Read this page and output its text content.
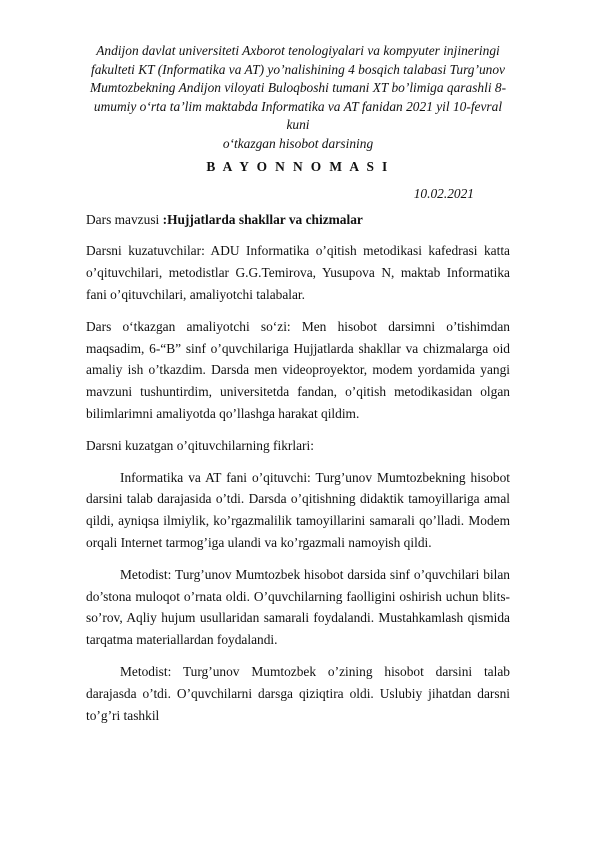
Andijon davlat universiteti Axborot tenologiyalari va kompyuter injineringi
fakulteti KT (Informatika va AT) yo’nalishining 4 bosqich talabasi Turg’unov
Mumtozbekning Andijon viloyati Buloqboshi tumani XT bo’limiga qarashli 8-
umumiy o‘rta ta’lim maktabda Informatika va AT fanidan 2021 yil 10-fevral kuni
o‘tkazgan hisobot darsining
B A Y O N N O M A S I
10.02.2021

Dars mavzusi :Hujjatlarda shakllar va chizmalar

Darsni kuzatuvchilar: ADU Informatika o’qitish metodikasi kafedrasi katta o’qituvchilari, metodistlar G.G.Temirova, Yusupova N, maktab Informatika fani o’qituvchilari, amaliyotchi talabalar.

Dars o‘tkazgan amaliyotchi so‘zi: Men hisobot darsimni o’tishimdan maqsadim, 6-“B” sinf o’quvchilariga Hujjatlarda shakllar va chizmalarga oid amaliy ish o’tkazdim. Darsda men videoproyektor, modem yordamida yangi mavzuni tushuntirdim, universitetda fandan, o’qitish metodikasidan olgan bilimlarimni amaliyotda qo’llashga harakat qildim.

Darsni kuzatgan o’qituvchilarning fikrlari:

Informatika va AT fani o’qituvchi: Turg’unov Mumtozbekning hisobot darsini talab darajasida o’tdi. Darsda o’qitishning didaktik tamoyillariga amal qildi, ayniqsa ilmiylik, ko’rgazmalilik tamoyillarini samarali qo’lladi. Modem orqali Internet tarmog’iga ulandi va ko’rgazmali namoyish qildi.

Metodist: Turg’unov Mumtozbek hisobot darsida sinf o’quvchilari bilan do’stona muloqot o’rnata oldi. O’quvchilarning faolligini oshirish uchun blits-so’rov, Aqliy hujum usullaridan samarali foydalandi. Mustahkamlash qismida tarqatma materiallardan foydalandi.

Metodist: Turg’unov Mumtozbek o’zining hisobot darsini talab darajasda o’tdi. O’quvchilarni darsga qiziqtira oldi. Uslubiy jihatdan darsni to’g’ri tashkil
